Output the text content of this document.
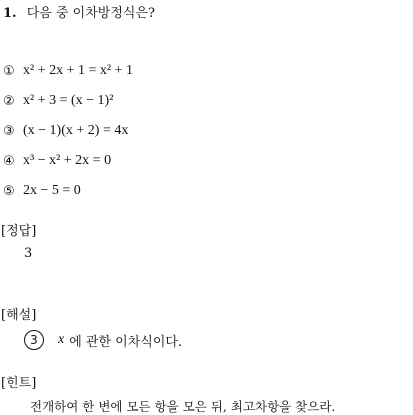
1. 다음 중 이차방정식은?
① x² + 2x + 1 = x² + 1
② x² + 3 = (x − 1)²
③ (x − 1)(x + 2) = 4x
④ x³ − x² + 2x = 0
⑤ 2x − 5 = 0
[정답]
3
[해설]
3	x 에 관한 이차식이다.
[힌트]
전개하여 한 변에 모든 항을 모은 뒤, 최고차항을 찾으라.
